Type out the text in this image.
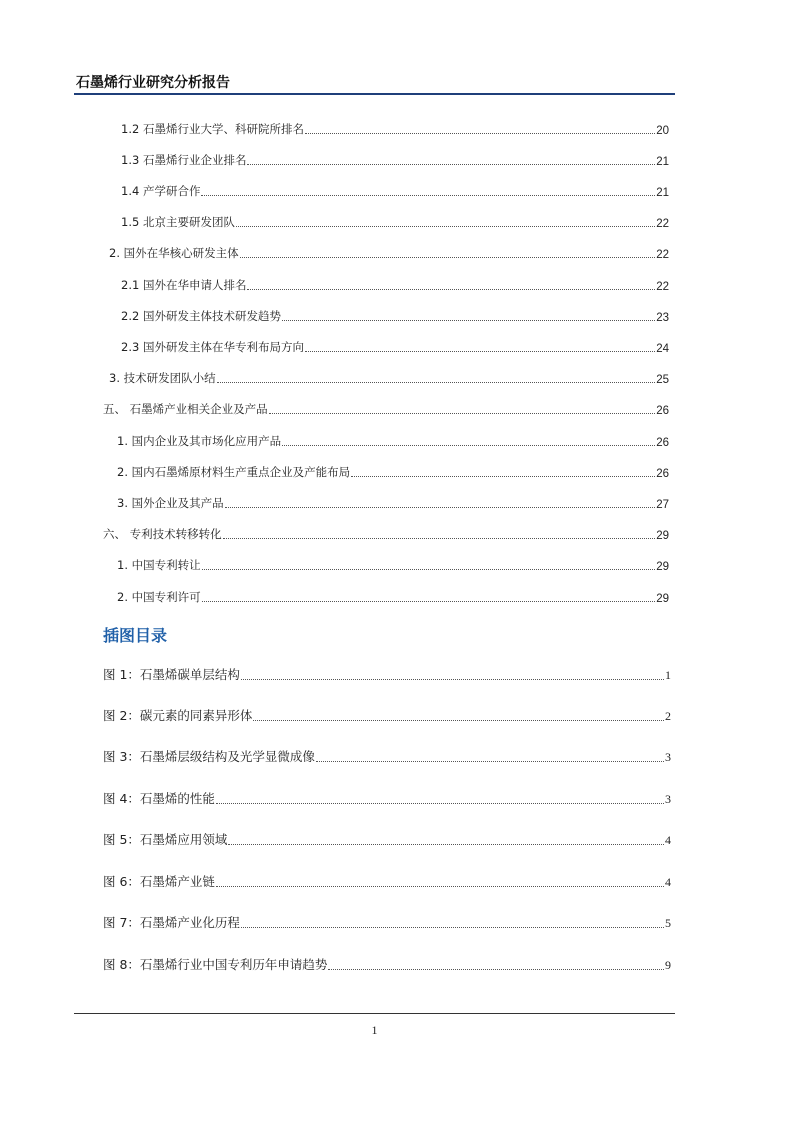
石墨烯行业研究分析报告
1.2 石墨烯行业大学、科研院所排名	20
1.3 石墨烯行业企业排名	21
1.4 产学研合作	21
1.5 北京主要研发团队	22
2. 国外在华核心研发主体	22
2.1 国外在华申请人排名	22
2.2 国外研发主体技术研发趋势	23
2.3 国外研发主体在华专利布局方向	24
3. 技术研发团队小结	25
五、 石墨烯产业相关企业及产品	26
1. 国内企业及其市场化应用产品	26
2. 国内石墨烯原材料生产重点企业及产能布局	26
3. 国外企业及其产品	27
六、 专利技术转移转化	29
1. 中国专利转让	29
2. 中国专利许可	29
插图目录
图 1：石墨烯碳单层结构	1
图 2：碳元素的同素异形体	2
图 3：石墨烯层级结构及光学显微成像	3
图 4：石墨烯的性能	3
图 5：石墨烯应用领域	4
图 6：石墨烯产业链	4
图 7：石墨烯产业化历程	5
图 8：石墨烯行业中国专利历年申请趋势	9
1
